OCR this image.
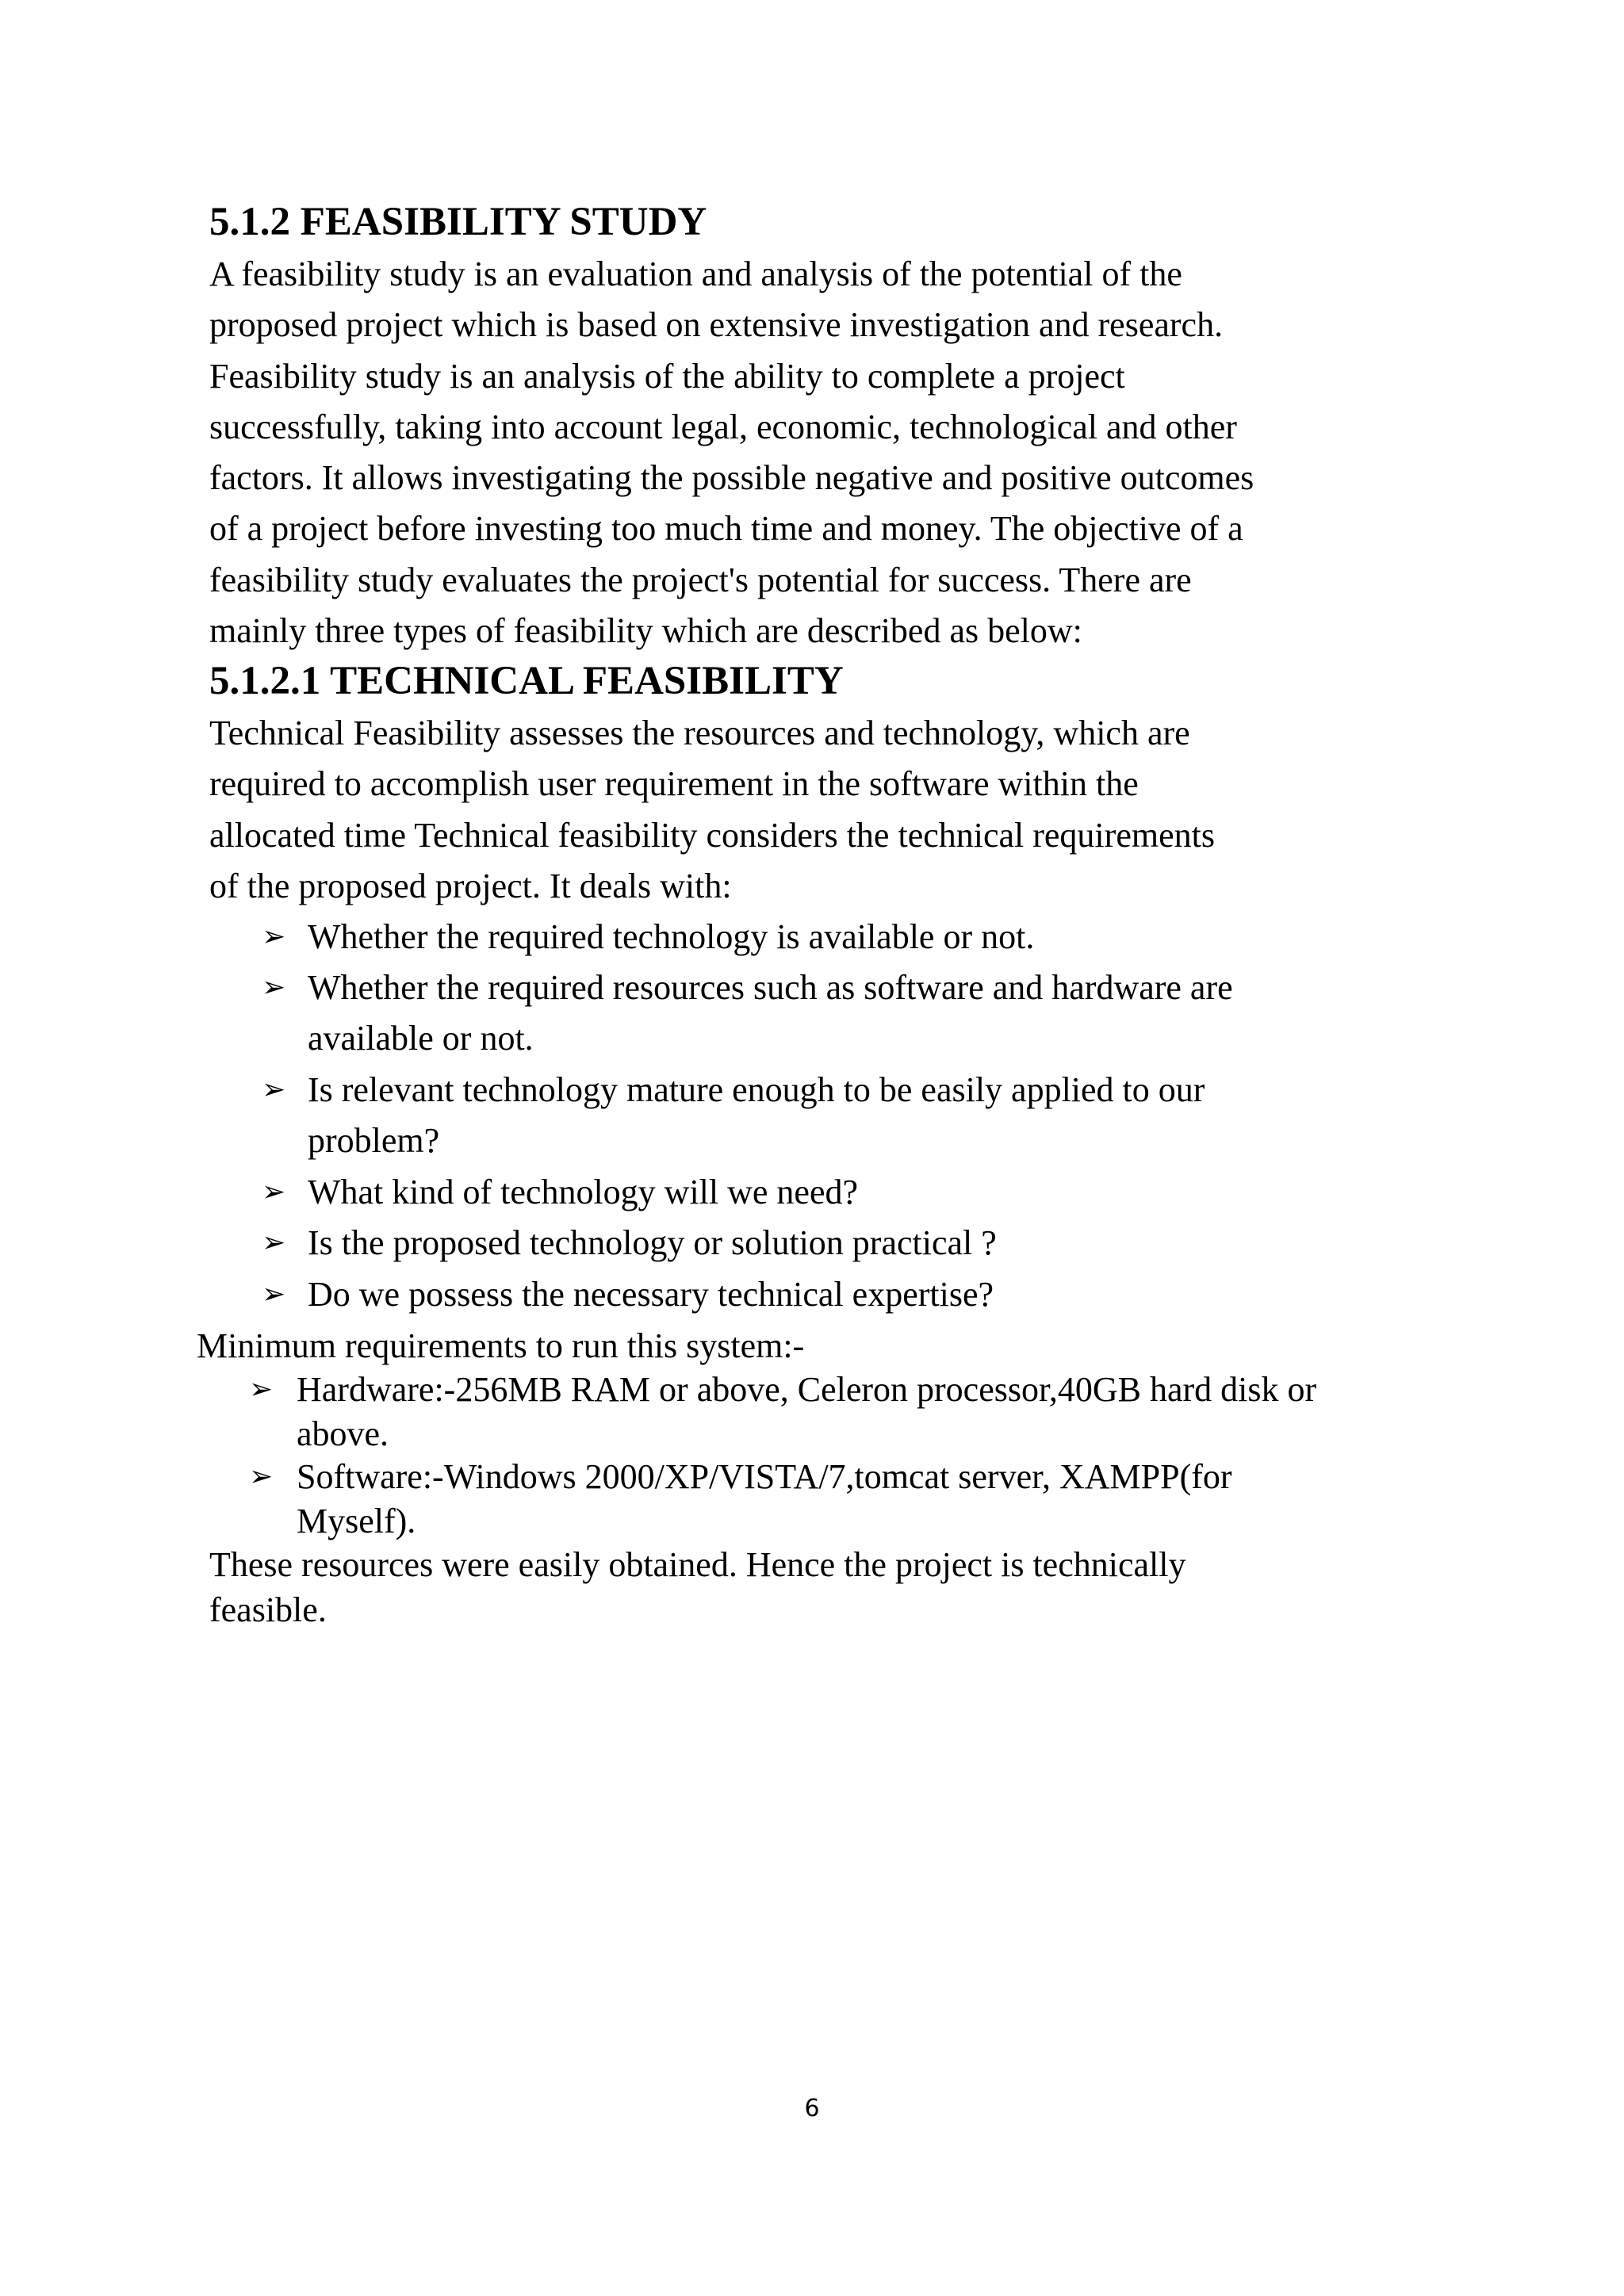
5.1.2 FEASIBILITY STUDY

A feasibility study is an evaluation and analysis of the potential of the
proposed project which is based on extensive investigation and research.
Feasibility study is an analysis of the ability to complete a project
successfully, taking into account legal, economic, technological and other
factors. It allows investigating the possible negative and positive outcomes
of a project before investing too much time and money. The objective of a
feasibility study evaluates the project's potential for success. There are
mainly three types of feasibility which are described as below:

5.1.2.1 TECHNICAL FEASIBILITY

Technical Feasibility assesses the resources and technology, which are
required to accomplish user requirement in the software within the
allocated time Technical feasibility considers the technical requirements
of the proposed project. It deals with:

➢ Whether the required technology is available or not.
➢ Whether the required resources such as software and hardware are
available or not.
➢ Is relevant technology mature enough to be easily applied to our
problem?
➢ What kind of technology will we need?
➢ Is the proposed technology or solution practical ?
➢ Do we possess the necessary technical expertise?

Minimum requirements to run this system:-

➢ Hardware:-256MB RAM or above, Celeron processor,40GB hard disk or
above.
➢ Software:-Windows 2000/XP/VISTA/7,tomcat server, XAMPP(for
Myself).

These resources were easily obtained. Hence the project is technically
feasible.

6
